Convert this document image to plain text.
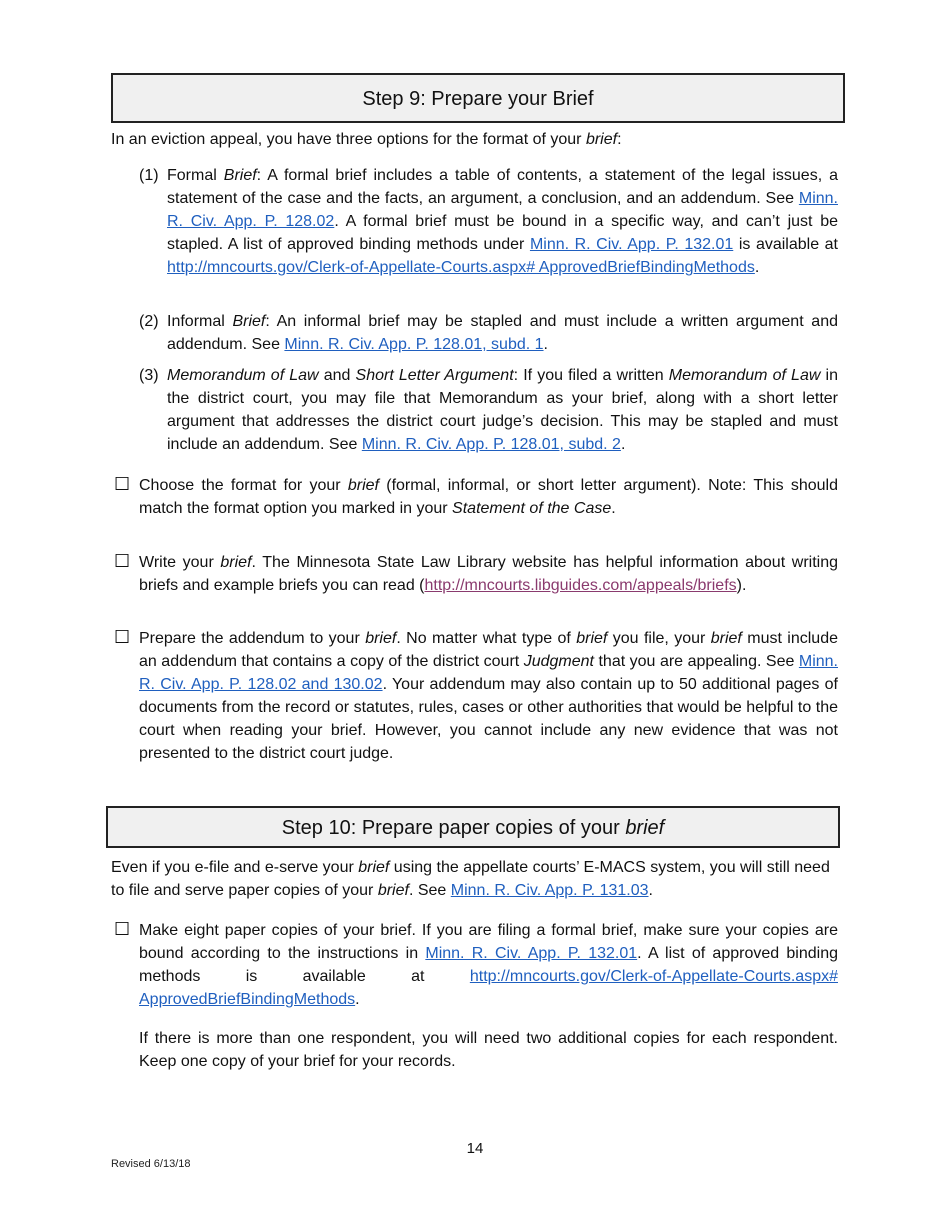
Step 9: Prepare your Brief
In an eviction appeal, you have three options for the format of your brief:
(1) Formal Brief: A formal brief includes a table of contents, a statement of the legal issues, a statement of the case and the facts, an argument, a conclusion, and an addendum. See Minn. R. Civ. App. P. 128.02. A formal brief must be bound in a specific way, and can’t just be stapled. A list of approved binding methods under Minn. R. Civ. App. P. 132.01 is available at http://mncourts.gov/Clerk-of-Appellate-Courts.aspx# ApprovedBriefBindingMethods.
(2) Informal Brief: An informal brief may be stapled and must include a written argument and addendum. See Minn. R. Civ. App. P. 128.01, subd. 1.
(3) Memorandum of Law and Short Letter Argument: If you filed a written Memorandum of Law in the district court, you may file that Memorandum as your brief, along with a short letter argument that addresses the district court judge’s decision. This may be stapled and must include an addendum. See Minn. R. Civ. App. P. 128.01, subd. 2.
☐ Choose the format for your brief (formal, informal, or short letter argument). Note: This should match the format option you marked in your Statement of the Case.
☐ Write your brief. The Minnesota State Law Library website has helpful information about writing briefs and example briefs you can read (http://mncourts.libguides.com/appeals/briefs).
☐ Prepare the addendum to your brief. No matter what type of brief you file, your brief must include an addendum that contains a copy of the district court Judgment that you are appealing. See Minn. R. Civ. App. P. 128.02 and 130.02. Your addendum may also contain up to 50 additional pages of documents from the record or statutes, rules, cases or other authorities that would be helpful to the court when reading your brief. However, you cannot include any new evidence that was not presented to the district court judge.
Step 10: Prepare paper copies of your brief
Even if you e-file and e-serve your brief using the appellate courts’ E-MACS system, you will still need to file and serve paper copies of your brief. See Minn. R. Civ. App. P. 131.03.
☐ Make eight paper copies of your brief. If you are filing a formal brief, make sure your copies are bound according to the instructions in Minn. R. Civ. App. P. 132.01. A list of approved binding methods is available at http://mncourts.gov/Clerk-of-Appellate-Courts.aspx# ApprovedBriefBindingMethods.
If there is more than one respondent, you will need two additional copies for each respondent. Keep one copy of your brief for your records.
14
Revised 6/13/18
